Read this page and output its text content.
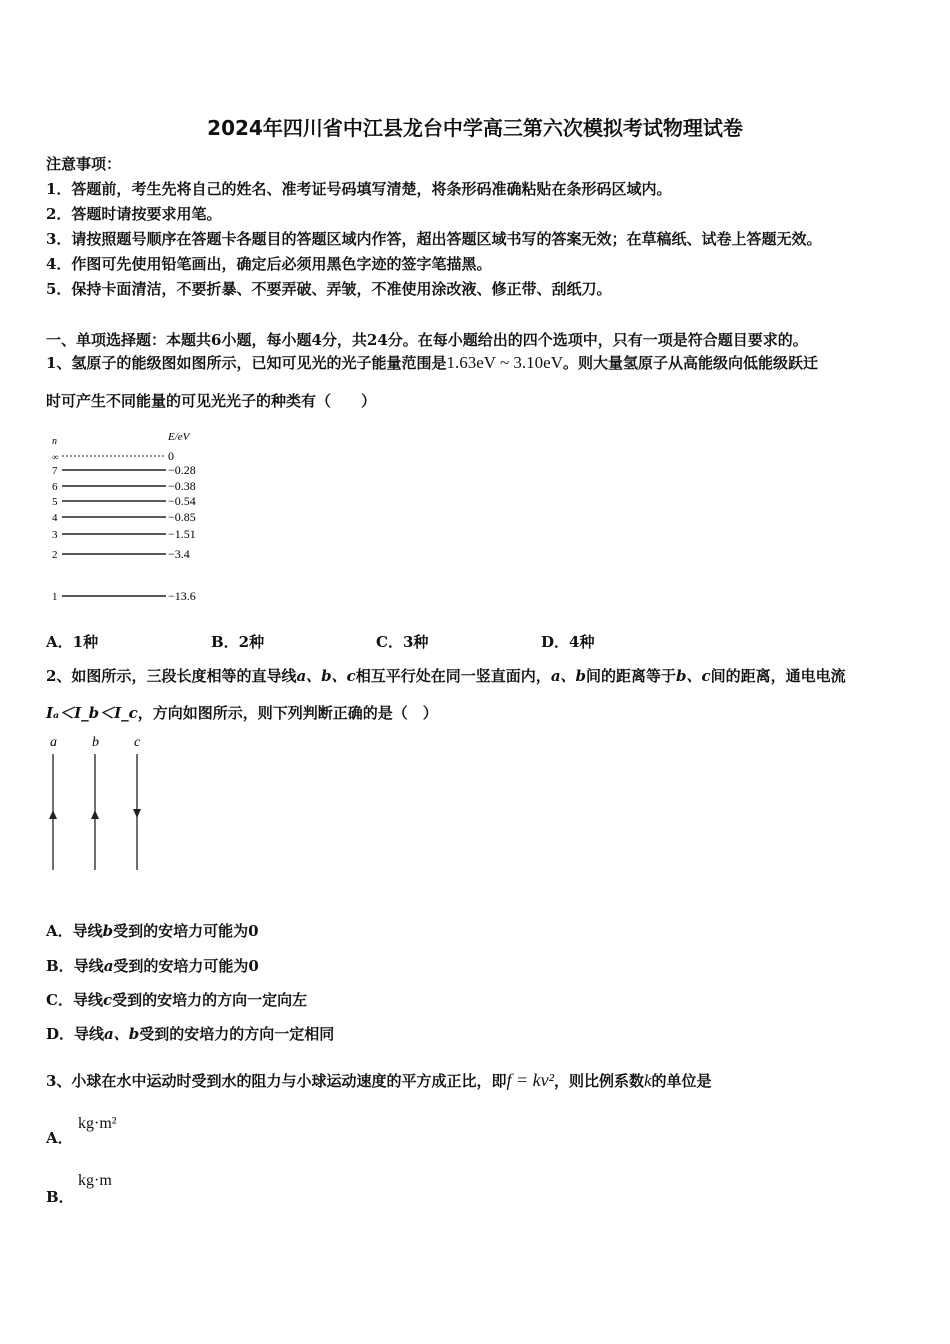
2024年四川省中江县龙台中学高三第六次模拟考试物理试卷
注意事项：
1．答题前，考生先将自己的姓名、准考证号码填写清楚，将条形码准确粘贴在条形码区域内。
2．答题时请按要求用笔。
3．请按照题号顺序在答题卡各题目的答题区域内作答，超出答题区域书写的答案无效；在草稿纸、试卷上答题无效。
4．作图可先使用铅笔画出，确定后必须用黑色字迹的签字笔描黑。
5．保持卡面清洁，不要折暴、不要弄破、弄皱，不准使用涂改液、修正带、刮纸刀。
一、单项选择题：本题共6小题，每小题4分，共24分。在每小题给出的四个选项中，只有一项是符合题目要求的。
1、氢原子的能级图如图所示，已知可见光的光子能量范围是1.63eV ~ 3.10eV。则大量氢原子从高能级向低能级跃迁
时可产生不同能量的可见光光子的种类有（　　）
n	E/eV
∞	0
7	−0.28
6	−0.38
5	−0.54
4	−0.85
3	−1.51
2	−3.4
1	−13.6
A．1种	B．2种	C．3种	D．4种
2、如图所示，三段长度相等的直导线a、b、c相互平行处在同一竖直面内，a、b间的距离等于b、c间的距离，通电电流
Iₐ＜I_b＜I_c，方向如图所示，则下列判断正确的是（　）
a	b	c
A．导线b受到的安培力可能为0
B．导线a受到的安培力可能为0
C．导线c受到的安培力的方向一定向左
D．导线a、b受到的安培力的方向一定相同
3、小球在水中运动时受到水的阻力与小球运动速度的平方成正比，即f = kv²，则比例系数k的单位是
A．
kg·m²
B．
kg·m
